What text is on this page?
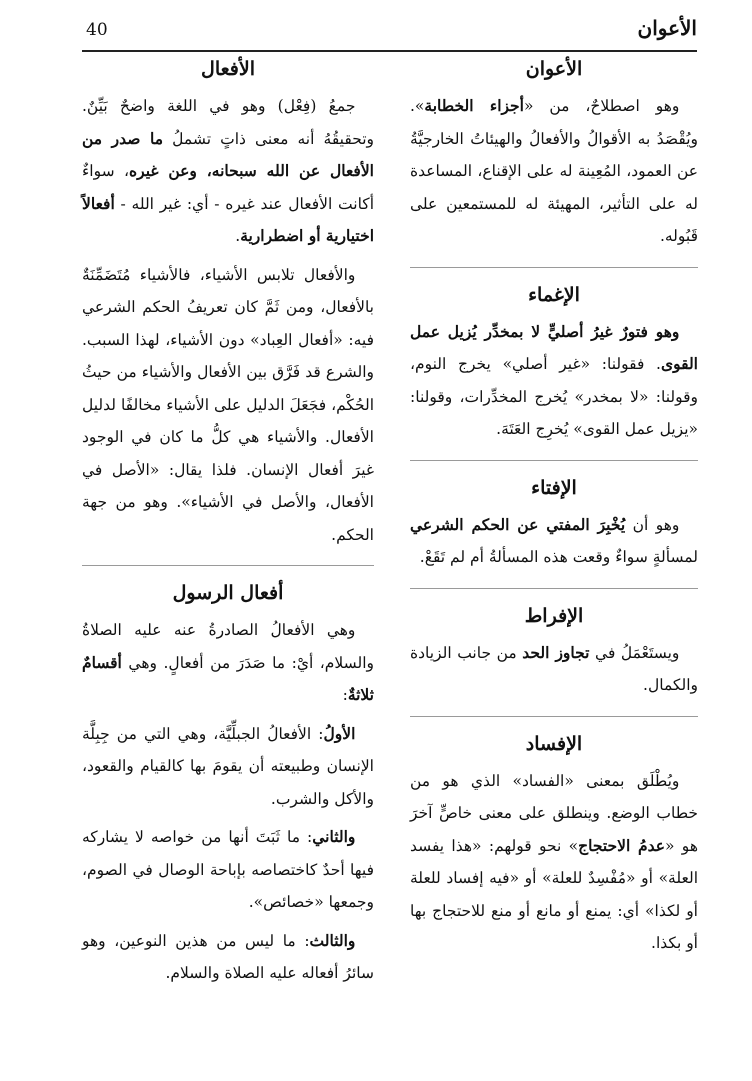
40	الأعوان
الأعوان

وهو اصطلاحٌ، من «أجزاء الخطابة». ويُقْصَدُ به الأقوالُ والأفعالُ والهيئاتُ الخارجيَّةُ عن العمود، المُعِينة له على الإقناع، المساعدة له على التأثير، المهيئة له للمستمعين على قَبُوله.

الإغماء

وهو فتورٌ غيرُ أصليٍّ لا بمخدِّر يُزيل عمل القوى. فقولنا: «غير أصلي» يخرج النوم، وقولنا: «لا بمخدر» يُخرج المخدِّرات، وقولنا: «يزيل عمل القوى» يُخرِج العَتَهَ.

الإفتاء

وهو أن يُخْبِرَ المفتي عن الحكم الشرعي لمسألةٍ سواءٌ وقعت هذه المسألةُ أم لم تَقَعْ.

الإفراط

ويستَعْمَلُ في تجاوز الحد من جانب الزيادة والكمال.

الإفساد

ويُطْلَق بمعنى «الفساد» الذي هو من خطاب الوضع. وينطلق على معنى خاصٍّ آخرَ هو «عدمُ الاحتجاج» نحو قولهم: «هذا يفسد العلة» أو «مُفْسِدٌ للعلة» أو «فيه إفساد للعلة أو لكذا» أي: يمنع أو مانع أو منع للاحتجاج بها أو بكذا.

الأفعال

جمعُ (فِعْل) وهو في اللغة واضحٌ بَيِّنٌ. وتحقيقُهُ أنه معنى ذاتٍ تشملُ ما صدر من الأفعال عن الله سبحانه، وعن غيره، سواءٌ أكانت الأفعال عند غيره - أي: غير الله - أفعالاً اختيارية أو اضطرارية.

والأفعال تلابس الأشياء، فالأشياء مُتَضَمِّنَةٌ بالأفعال، ومن ثَمَّ كان تعريفُ الحكم الشرعي فيه: «أفعال العِباد» دون الأشياء، لهذا السبب. والشرع قد فَرَّق بين الأفعال والأشياء من حيثُ الحُكْم، فجَعَلَ الدليل على الأشياء مخالفًا لدليل الأفعال. والأشياء هي كلُّ ما كان في الوجود غيرَ أفعال الإنسان. فلذا يقال: «الأصل في الأفعال، والأصل في الأشياء». وهو من جهة الحكم.

أفعال الرسول

وهي الأفعالُ الصادرةُ عنه عليه الصلاةُ والسلام، أيْ: ما صَدَرَ من أفعالٍ. وهي أقسامٌ ثلاثةٌ:

الأولُ: الأفعالُ الجبلِّيَّة، وهي التي من جِبِلَّة الإنسان وطبيعته أن يقومَ بها كالقيام والقعود، والأكل والشرب.

والثاني: ما ثَبَتَ أنها من خواصه لا يشاركه فيها أحدٌ كاختصاصه بإباحة الوصال في الصوم، وجمعها «خصائص».

والثالث: ما ليس من هذين النوعين، وهو سائرُ أفعاله عليه الصلاة والسلام.
